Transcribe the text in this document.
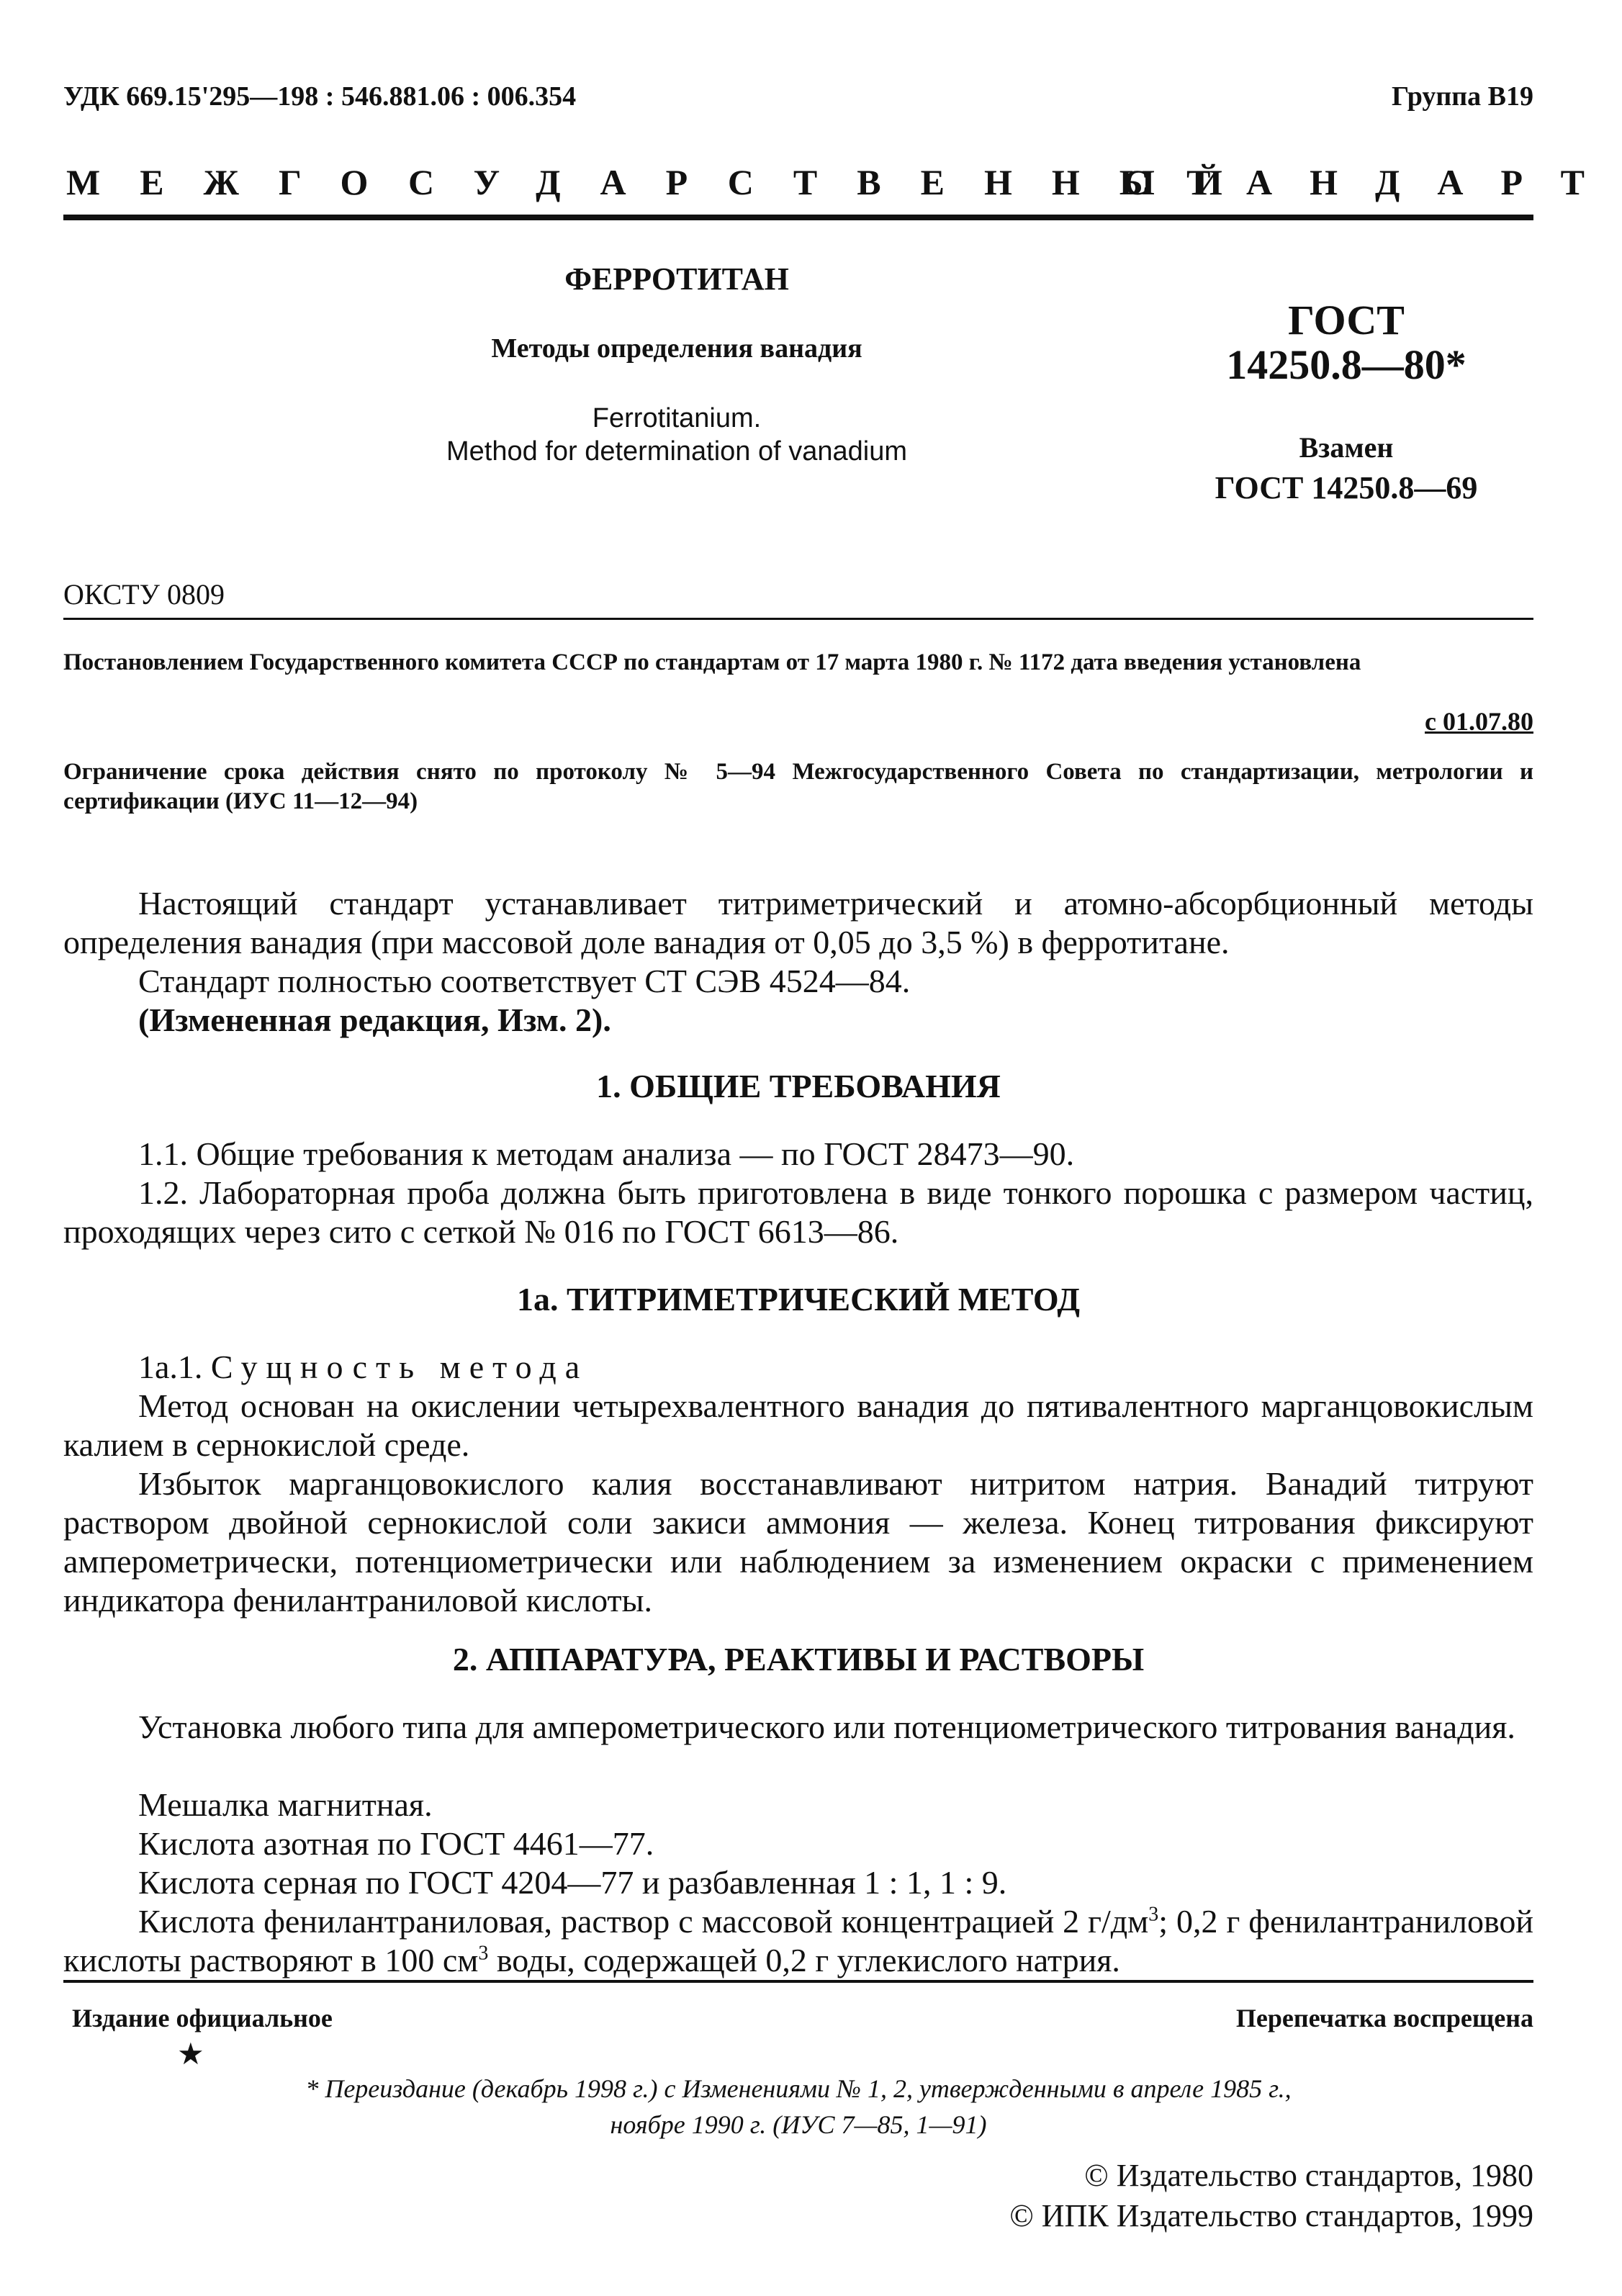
УДК 669.15'295—198 : 546.881.06 : 006.354	Группа В19
МЕЖГОСУДАРСТВЕННЫЙ
СТАНДАРТ
ФЕРРОТИТАН
Методы определения ванадия
Ferrotitanium.
Method for determination of vanadium
ГОСТ
14250.8—80*
Взамен
ГОСТ 14250.8—69
ОКСТУ 0809
Постановлением Государственного комитета СССР по стандартам от 17 марта 1980 г. № 1172 дата введения установлена
с 01.07.80
Ограничение срока действия снято по протоколу № 5—94 Межгосударственного Совета по стандартизации, метрологии и сертификации (ИУС 11—12—94)
Настоящий стандарт устанавливает титриметрический и атомно-абсорбционный методы определения ванадия (при массовой доле ванадия от 0,05 до 3,5 %) в ферротитане.
Стандарт полностью соответствует СТ СЭВ 4524—84.
(Измененная редакция, Изм. 2).
1. ОБЩИЕ ТРЕБОВАНИЯ
1.1. Общие требования к методам анализа — по ГОСТ 28473—90.
1.2. Лабораторная проба должна быть приготовлена в виде тонкого порошка с размером частиц, проходящих через сито с сеткой № 016 по ГОСТ 6613—86.
1а. ТИТРИМЕТРИЧЕСКИЙ МЕТОД
1а.1. Сущность метода
Метод основан на окислении четырехвалентного ванадия до пятивалентного марганцовокислым калием в сернокислой среде.
Избыток марганцовокислого калия восстанавливают нитритом натрия. Ванадий титруют раствором двойной сернокислой соли закиси аммония — железа. Конец титрования фиксируют амперометрически, потенциометрически или наблюдением за изменением окраски с применением индикатора фенилантраниловой кислоты.
2. АППАРАТУРА, РЕАКТИВЫ И РАСТВОРЫ
Установка любого типа для амперометрического или потенциометрического титрования ванадия.
Мешалка магнитная.
Кислота азотная по ГОСТ 4461—77.
Кислота серная по ГОСТ 4204—77 и разбавленная 1 : 1, 1 : 9.
Кислота фенилантраниловая, раствор с массовой концентрацией 2 $г/дм^3$; 0,2 г фенилантраниловой кислоты растворяют в 100 $см^3$ воды, содержащей 0,2 г углекислого натрия.
Издание официальное
★
Перепечатка воспрещена
* Переиздание (декабрь 1998 г.) с Изменениями № 1, 2, утвержденными в апреле 1985 г.,
ноябре 1990 г. (ИУС 7—85, 1—91)
© Издательство стандартов, 1980
© ИПК Издательство стандартов, 1999
